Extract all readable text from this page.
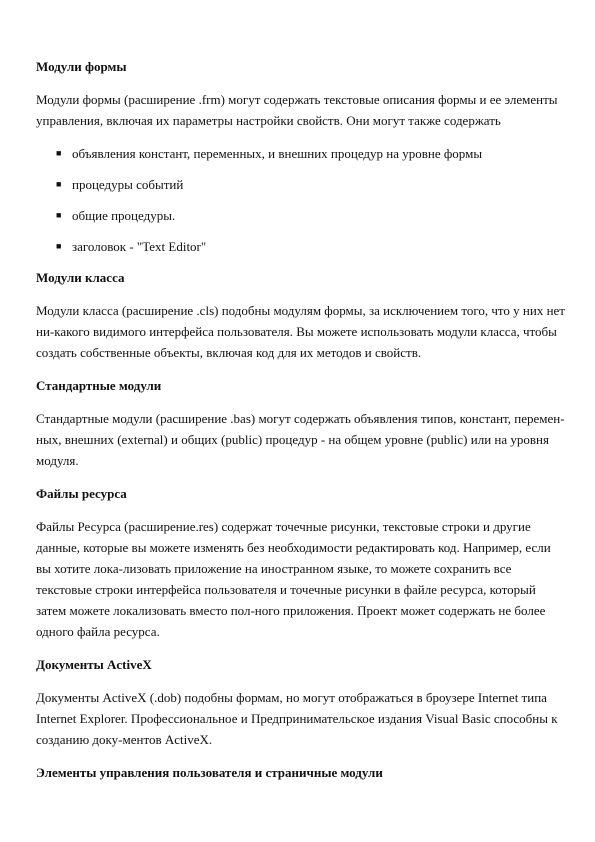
Модули формы

Модули формы (расширение .frm) могут содержать текстовые описания формы и ее элементы управления, включая их параметры настройки свойств. Они могут также содержать

■ объявления констант, переменных, и внешних процедур на уровне формы
■ процедуры событий
■ общие процедуры.
■ заголовок - "Text Editor"
Модули класса

Модули класса (расширение .cls) подобны модулям формы, за исключением того, что у них нет ни-какого видимого интерфейса пользователя. Вы можете использовать модули класса, чтобы создать собственные объекты, включая код для их методов и свойств.

Стандартные модули

Стандартные модули (расширение .bas) могут содержать объявления типов, констант, перемен-ных, внешних (external) и общих (public) процедур - на общем уровне (public) или на уровня модуля.

Файлы ресурса

Файлы Ресурса (расширение.res) содержат точечные рисунки, текстовые строки и другие данные, которые вы можете изменять без необходимости редактировать код. Например, если вы хотите лока-лизовать приложение на иностранном языке, то можете сохранить все текстовые строки интерфейса пользователя и точечные рисунки в файле ресурса, который затем можете локализовать вместо пол-ного приложения. Проект может содержать не более одного файла ресурса.

Документы ActiveX

Документы ActiveX (.dob) подобны формам, но могут отображаться в броузере Internet типа Internet Explorer. Профессиональное и Предпринимательское издания Visual Basic способны к созданию доку-ментов ActiveX.

Элементы управления пользователя и страничные модули
